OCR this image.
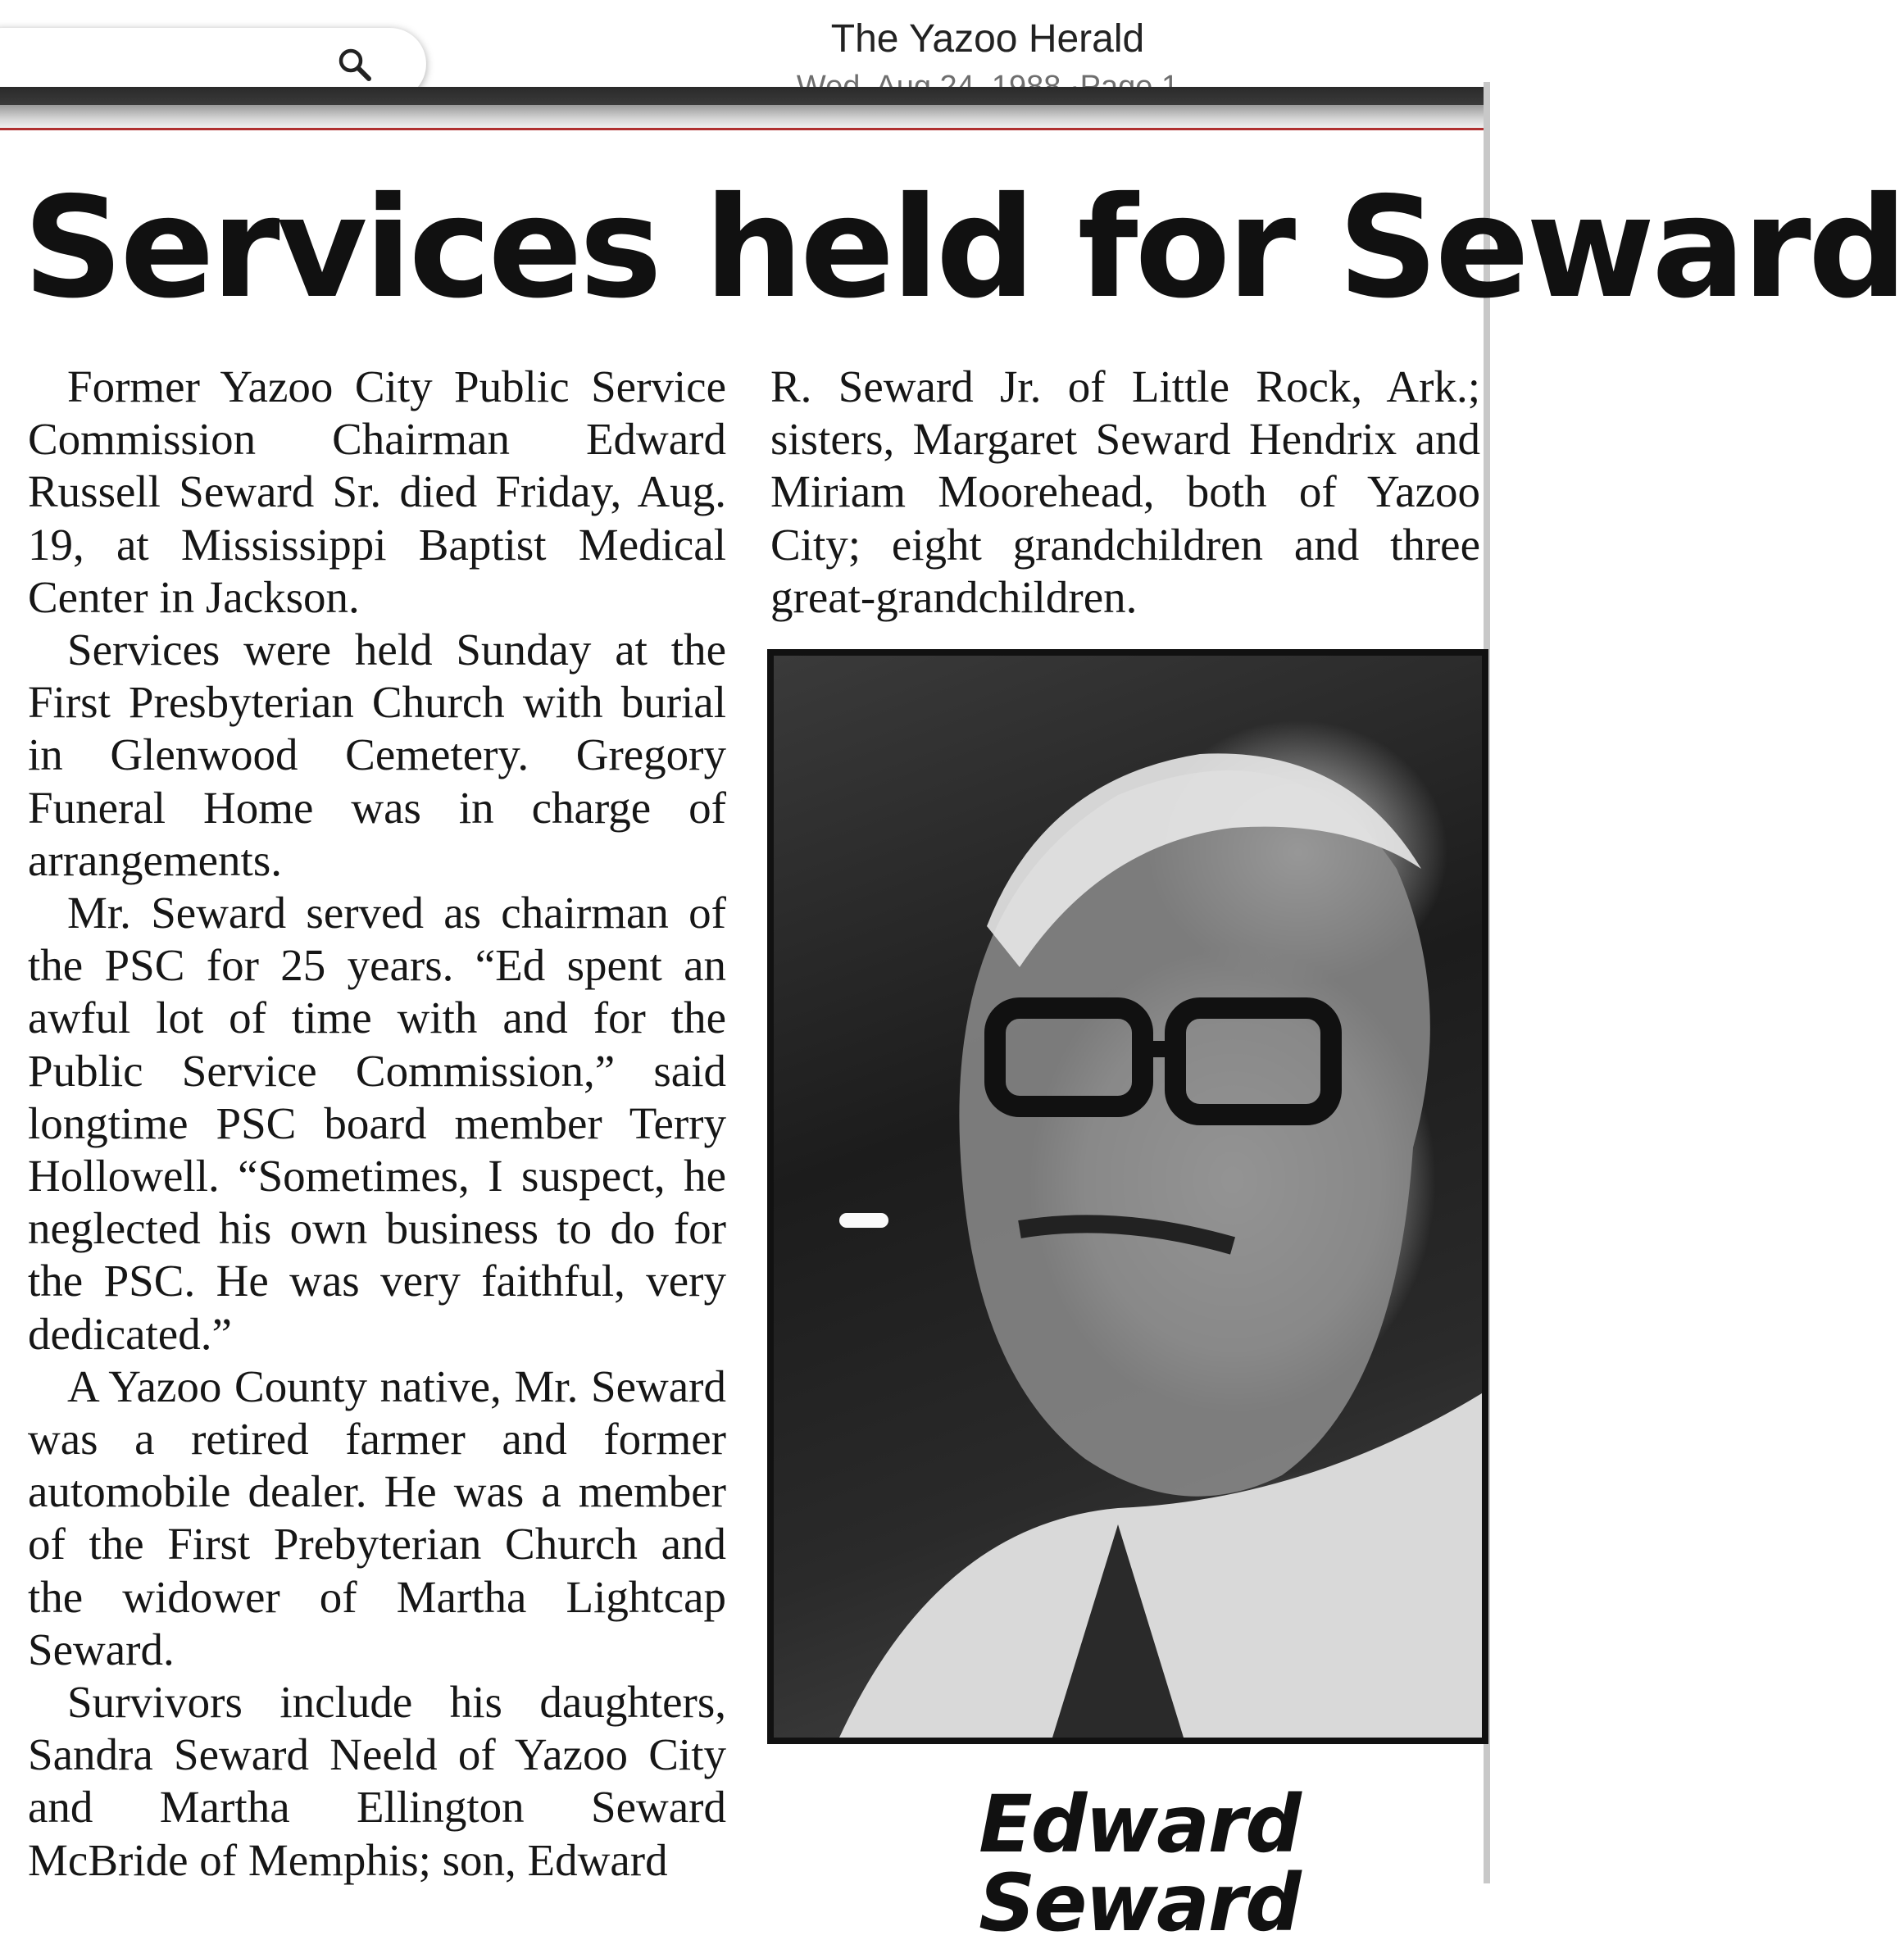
The Yazoo Herald
Services held for Seward

Former Yazoo City Public Service Commission Chairman Edward Russell Seward Sr. died Friday, Aug. 19, at Mississippi Baptist Medical Center in Jackson.

Services were held Sunday at the First Presbyterian Church with burial in Glenwood Cemetery. Gregory Funeral Home was in charge of arrangements.

Mr. Seward served as chairman of the PSC for 25 years. “Ed spent an awful lot of time with and for the Public Service Commission,” said longtime PSC board member Terry Hollowell. “Sometimes, I suspect, he neglected his own business to do for the PSC. He was very faithful, very dedicated.”

A Yazoo County native, Mr. Seward was a retired farmer and former automobile dealer. He was a member of the First Prebyterian Church and the widower of Martha Lightcap Seward.

Survivors include his daughters, Sandra Seward Neeld of Yazoo City and Martha Ellington Seward McBride of Memphis; son, Edward

R. Seward Jr. of Little Rock, Ark.; sisters, Margaret Seward Hendrix and Miriam Moorehead, both of Yazoo City; eight grandchildren and three great-grandchildren.

Edward Seward
